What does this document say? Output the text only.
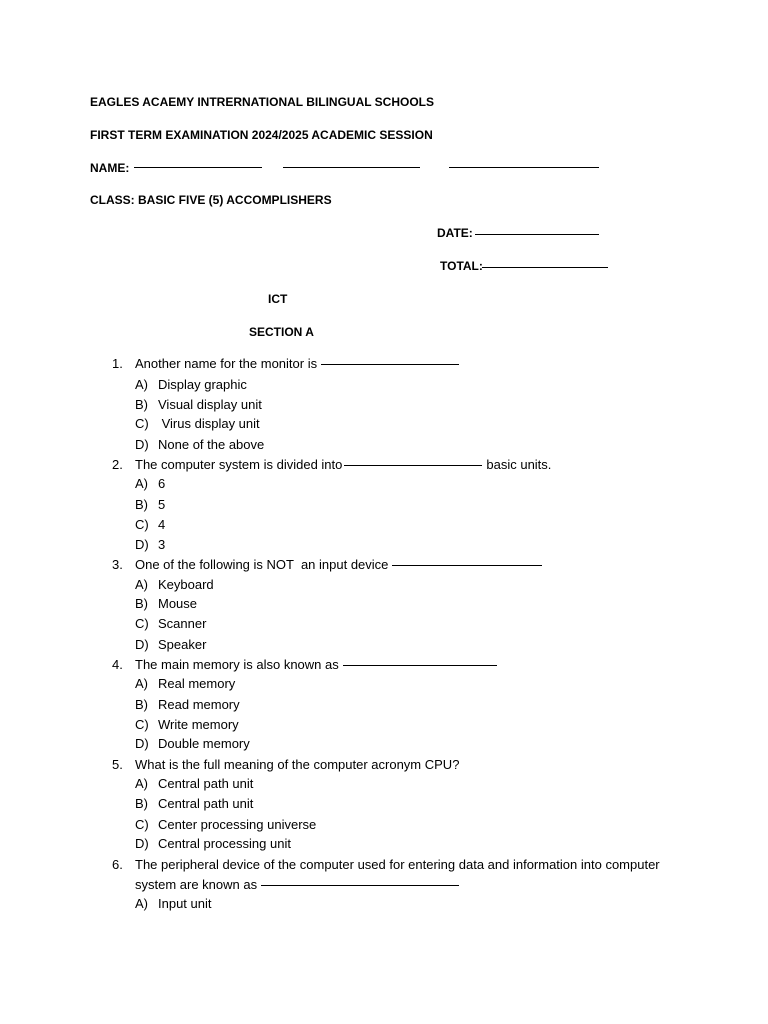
EAGLES ACAEMY INTRERNATIONAL BILINGUAL SCHOOLS
FIRST TERM EXAMINATION 2024/2025 ACADEMIC SESSION
NAME:
CLASS: BASIC FIVE (5) ACCOMPLISHERS
DATE:
TOTAL:
ICT
SECTION A
1. Another name for the monitor is
A) Display graphic
B) Visual display unit
C) Virus display unit
D) None of the above
2. The computer system is divided into	basic units.
A) 6
B) 5
C) 4
D) 3
3. One of the following is NOT  an input device
A) Keyboard
B) Mouse
C) Scanner
D) Speaker
4. The main memory is also known as
A) Real memory
B) Read memory
C) Write memory
D) Double memory
5. What is the full meaning of the computer acronym CPU?
A) Central path unit
B) Central path unit
C) Center processing universe
D) Central processing unit
6. The peripheral device of the computer used for entering data and information into computer
system are known as
A) Input unit
